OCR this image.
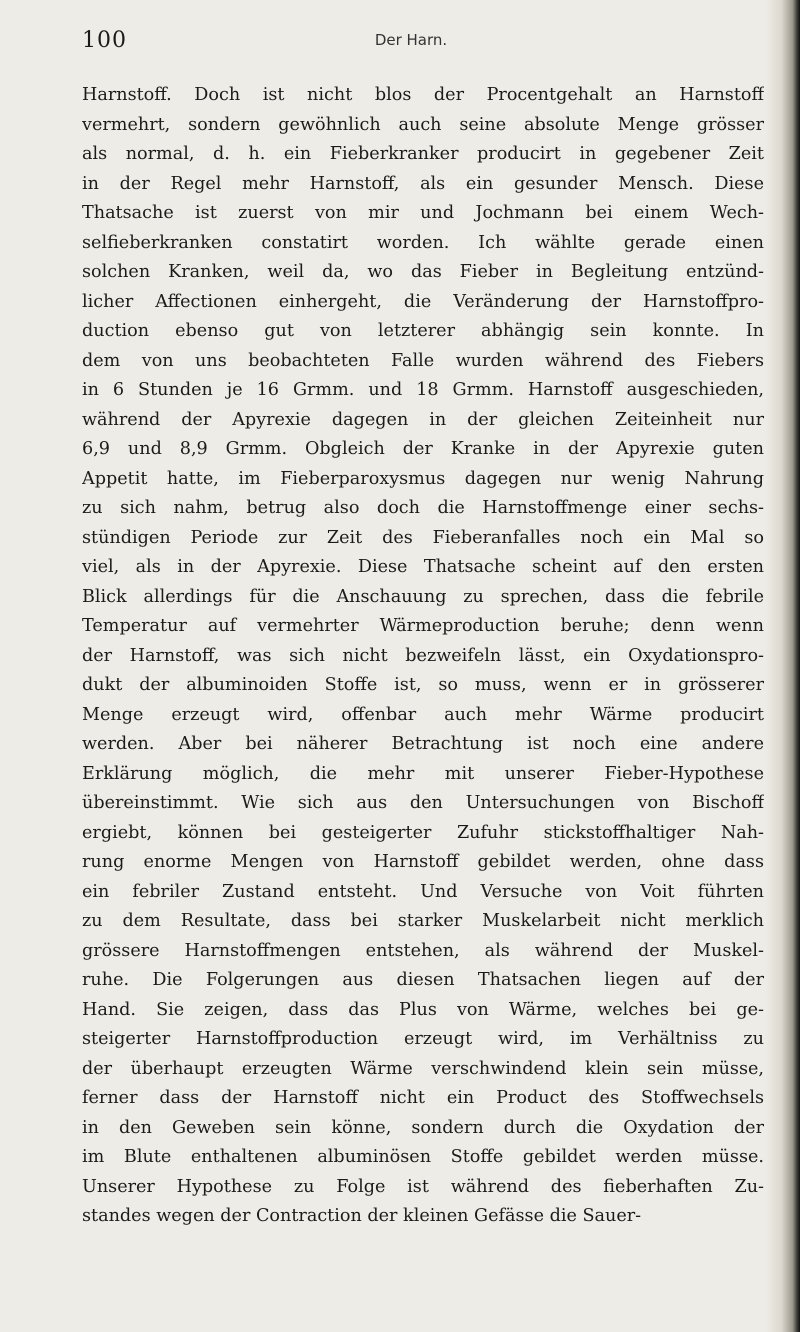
100	Der Harn.
Harnstoff. Doch ist nicht blos der Procentgehalt an Harnstoff
vermehrt, sondern gewöhnlich auch seine absolute Menge grösser
als normal, d. h. ein Fieberkranker producirt in gegebener Zeit
in der Regel mehr Harnstoff, als ein gesunder Mensch. Diese
Thatsache ist zuerst von mir und Jochmann bei einem Wech-
selfieberkranken constatirt worden. Ich wählte gerade einen
solchen Kranken, weil da, wo das Fieber in Begleitung entzünd-
licher Affectionen einhergeht, die Veränderung der Harnstoffpro-
duction ebenso gut von letzterer abhängig sein konnte. In
dem von uns beobachteten Falle wurden während des Fiebers
in 6 Stunden je 16 Grmm. und 18 Grmm. Harnstoff ausgeschieden,
während der Apyrexie dagegen in der gleichen Zeiteinheit nur
6,9 und 8,9 Grmm. Obgleich der Kranke in der Apyrexie guten
Appetit hatte, im Fieberparoxysmus dagegen nur wenig Nahrung
zu sich nahm, betrug also doch die Harnstoffmenge einer sechs-
stündigen Periode zur Zeit des Fieberanfalles noch ein Mal so
viel, als in der Apyrexie. Diese Thatsache scheint auf den ersten
Blick allerdings für die Anschauung zu sprechen, dass die febrile
Temperatur auf vermehrter Wärmeproduction beruhe; denn wenn
der Harnstoff, was sich nicht bezweifeln lässt, ein Oxydationspro-
dukt der albuminoiden Stoffe ist, so muss, wenn er in grösserer
Menge erzeugt wird, offenbar auch mehr Wärme producirt
werden. Aber bei näherer Betrachtung ist noch eine andere
Erklärung möglich, die mehr mit unserer Fieber-Hypothese
übereinstimmt. Wie sich aus den Untersuchungen von Bischoff
ergiebt, können bei gesteigerter Zufuhr stickstoffhaltiger Nah-
rung enorme Mengen von Harnstoff gebildet werden, ohne dass
ein febriler Zustand entsteht. Und Versuche von Voit führten
zu dem Resultate, dass bei starker Muskelarbeit nicht merklich
grössere Harnstoffmengen entstehen, als während der Muskel-
ruhe. Die Folgerungen aus diesen Thatsachen liegen auf der
Hand. Sie zeigen, dass das Plus von Wärme, welches bei ge-
steigerter Harnstoffproduction erzeugt wird, im Verhältniss zu
der überhaupt erzeugten Wärme verschwindend klein sein müsse,
ferner dass der Harnstoff nicht ein Product des Stoffwechsels
in den Geweben sein könne, sondern durch die Oxydation der
im Blute enthaltenen albuminösen Stoffe gebildet werden müsse.
Unserer Hypothese zu Folge ist während des fieberhaften Zu-
standes wegen der Contraction der kleinen Gefässe die Sauer-
